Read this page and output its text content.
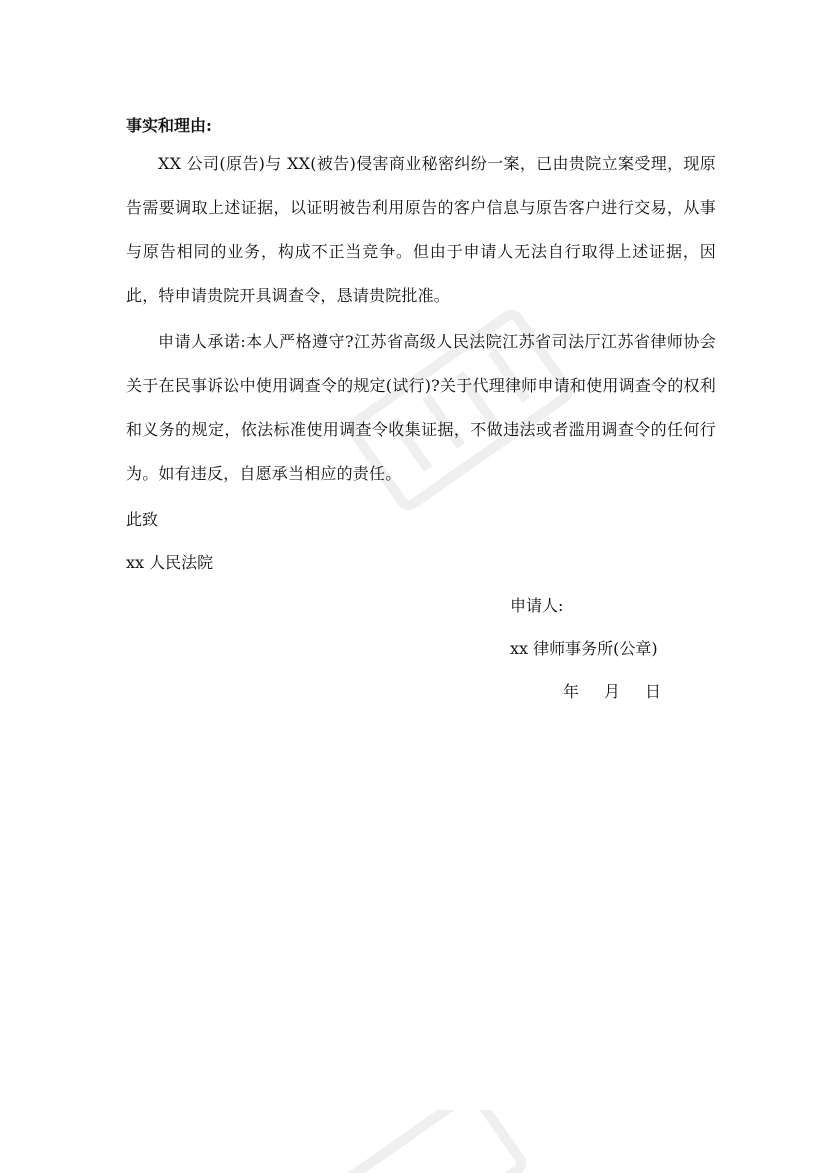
事实和理由:

XX 公司(原告)与 XX(被告)侵害商业秘密纠纷一案，已由贵院立案受理，现原告需要调取上述证据，以证明被告利用原告的客户信息与原告客户进行交易，从事与原告相同的业务，构成不正当竞争。但由于申请人无法自行取得上述证据，因此，特申请贵院开具调查令，恳请贵院批准。

申请人承诺:本人严格遵守?江苏省高级人民法院江苏省司法厅江苏省律师协会关于在民事诉讼中使用调查令的规定(试行)?关于代理律师申请和使用调查令的权利和义务的规定，依法标准使用调查令收集证据，不做违法或者滥用调查令的任何行为。如有违反，自愿承当相应的责任。

此致

xx 人民法院

申请人:

xx 律师事务所(公章)

年 月 日
